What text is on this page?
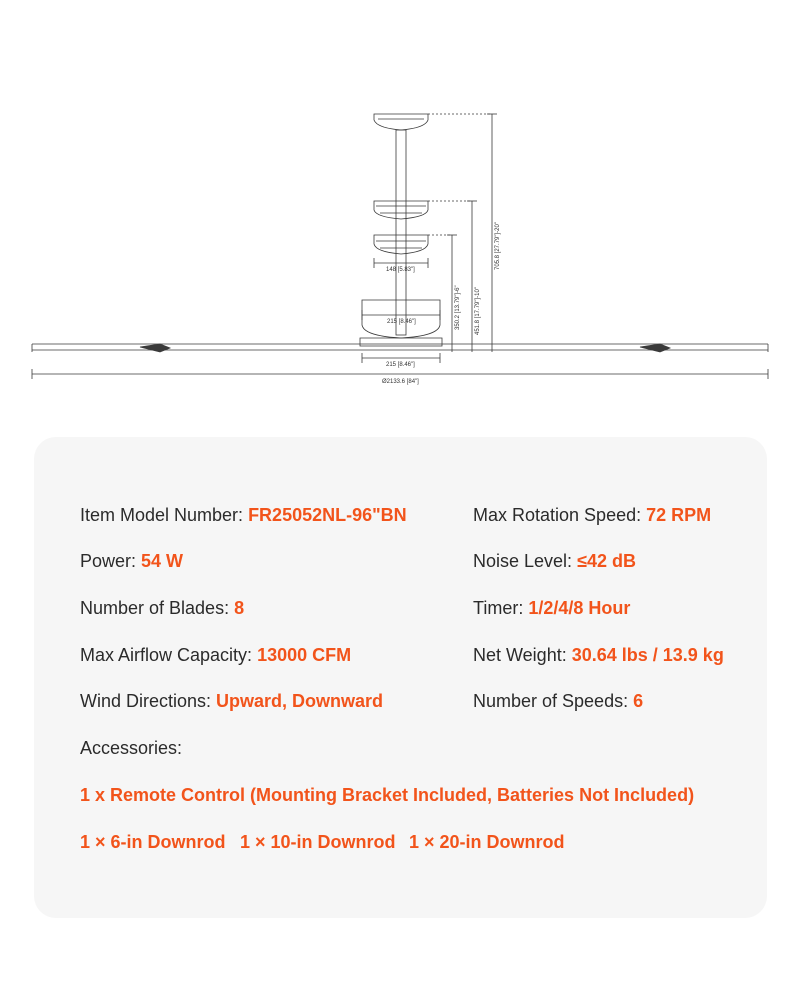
148 [5.83"]
215 [8.46"]
215 [8.46"]
Ø2133.6 [84"]
350.2 [13.79"]-6" 451.8 [17.79"]-10"
705.8 [27.79"]-20"
Item Model Number: FR25052NL-96"BN
Power: 54 W
Number of Blades: 8
Max Airflow Capacity: 13000 CFM
Wind Directions: Upward, Downward
Max Rotation Speed: 72 RPM
Noise Level: ≤42 dB
Timer: 1/2/4/8 Hour
Net Weight: 30.64 lbs / 13.9 kg
Number of Speeds: 6
Accessories:
1 x Remote Control (Mounting Bracket Included, Batteries Not Included)
1 × 6-in Downrod 1 × 10-in Downrod 1 × 20-in Downrod
